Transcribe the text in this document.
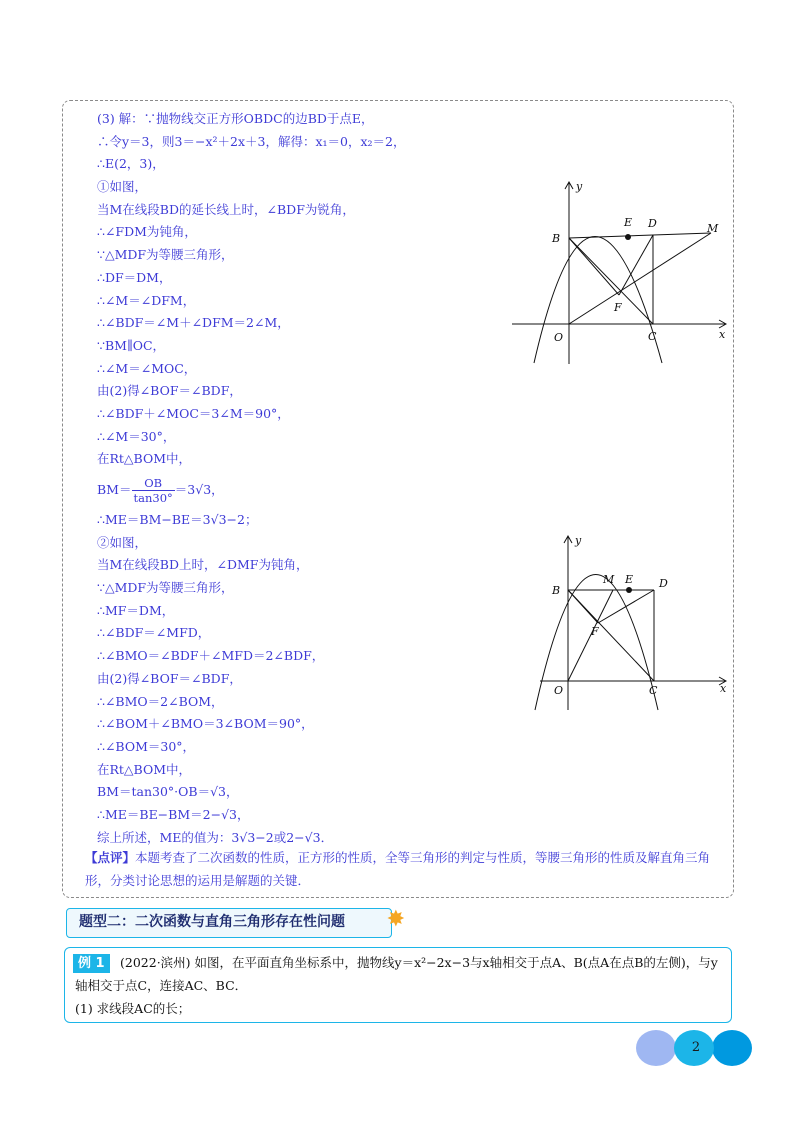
(3) 解：∵抛物线交正方形OBDC的边BD于点E，
∴令y＝3，则3＝−x²＋2x＋3，解得：x₁＝0，x₂＝2，
∴E(2，3)，
①如图，
当M在线段BD的延长线上时，∠BDF为锐角，
∴∠FDM为钝角，
∵△MDF为等腰三角形，
∴DF＝DM，
∴∠M＝∠DFM，
∴∠BDF＝∠M＋∠DFM＝2∠M，
∵BM∥OC，
∴∠M＝∠MOC，
由(2)得∠BOF＝∠BDF，
∴∠BDF＋∠MOC＝3∠M＝90°，
∴∠M＝30°，
在Rt△BOM中，
$BM= \frac{OB}{\tan 30^\circ} =3√3$，
∴ME＝BM−BE＝3√3−2；
②如图，
当M在线段BD上时，∠DMF为钝角，
∵△MDF为等腰三角形，
∴MF＝DM，
∴∠BDF＝∠MFD，
∴∠BMO＝∠BDF＋∠MFD＝2∠BDF，
由(2)得∠BOF＝∠BDF，
∴∠BMO＝2∠BOM，
∴∠BOM＋∠BMO＝3∠BOM＝90°，
∴∠BOM＝30°，
在Rt△BOM中，
BM＝tan30°·OB＝√3，
∴ME＝BE−BM＝2−√3，
综上所述，ME的值为：3√3−2或2−√3．
【点评】本题考查了二次函数的性质，正方形的性质，全等三角形的判定与性质，等腰三角形的性质及解直角三角形，分类讨论思想的运用是解题的关键．
y
x
O
B
E D	M
F
C
y
x
O
B
M E D
F
C
题型二：二次函数与直角三角形存在性问题 ✸
(2022·滨州) 如图，在平面直角坐标系中，抛物线y＝x²−2x−3与x轴相交于点A、B(点A在点B的左侧)，与y轴相交于点C，连接AC、BC．
例 1
(1) 求线段AC的长；
2
